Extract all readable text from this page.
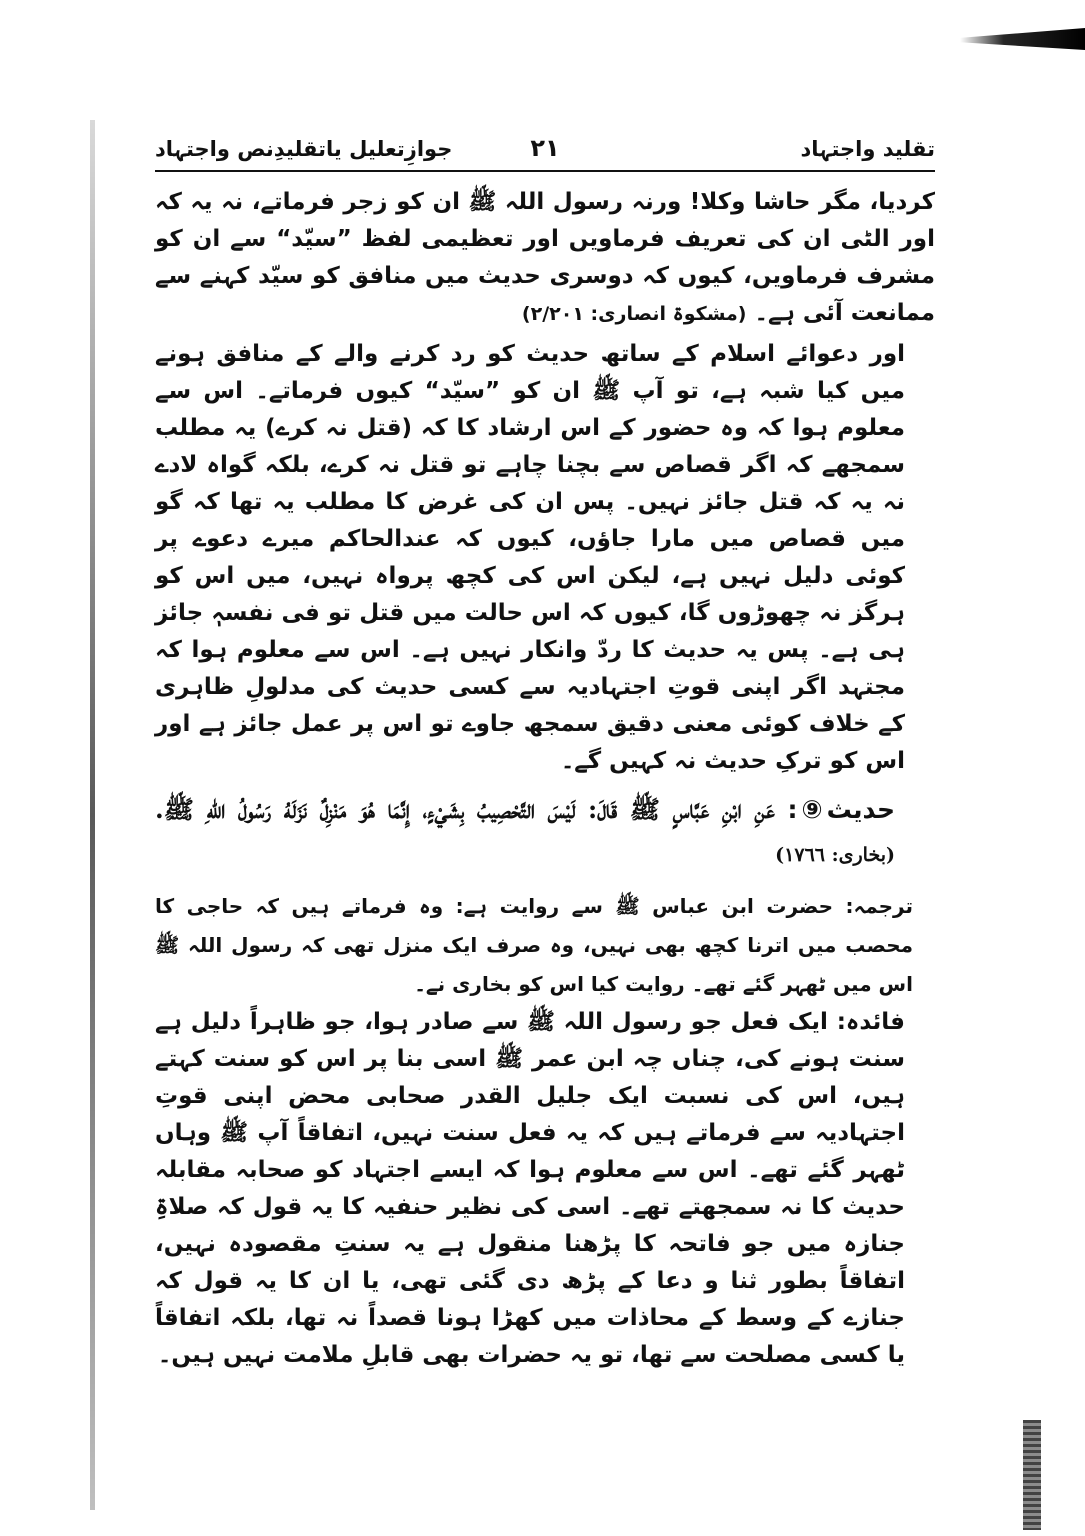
تقلید واجتہاد
۲۱
جوازِتعلیل یاتقلیدِنص واجتہاد

کردیا، مگر حاشا وکلا! ورنہ رسول اللہ ﷺ ان کو زجر فرماتے، نہ یہ کہ اور الٹی ان کی تعریف فرماویں اور تعظیمی لفظ ”سیّد“ سے ان کو مشرف فرماویں، کیوں کہ دوسری حدیث میں منافق کو سیّد کہنے سے ممانعت آئی ہے۔ (مشکوۃ انصاری: ۲/۲۰۱)

اور دعوائے اسلام کے ساتھ حدیث کو رد کرنے والے کے منافق ہونے میں کیا شبہ ہے، تو آپ ﷺ ان کو ”سیّد“ کیوں فرماتے۔ اس سے معلوم ہوا کہ وہ حضور کے اس ارشاد کا کہ (قتل نہ کرے) یہ مطلب سمجھے کہ اگر قصاص سے بچنا چاہے تو قتل نہ کرے، بلکہ گواہ لادے نہ یہ کہ قتل جائز نہیں۔ پس ان کی غرض کا مطلب یہ تھا کہ گو میں قصاص میں مارا جاؤں، کیوں کہ عندالحاکم میرے دعوے پر کوئی دلیل نہیں ہے، لیکن اس کی کچھ پرواہ نہیں، میں اس کو ہرگز نہ چھوڑوں گا، کیوں کہ اس حالت میں قتل تو فی نفسہٖ جائز ہی ہے۔ پس یہ حدیث کا ردّ وانکار نہیں ہے۔ اس سے معلوم ہوا کہ مجتہد اگر اپنی قوتِ اجتہادیہ سے کسی حدیث کی مدلولِ ظاہری کے خلاف کوئی معنی دقیق سمجھ جاوے تو اس پر عمل جائز ہے اور اس کو ترکِ حدیث نہ کہیں گے۔

حدیث⑨: عَنِ ابْنِ عَبَّاسٍ ﷺ قَالَ: لَيْسَ التَّحْصِيبُ بِشَيْءٍ، إِنَّمَا هُوَ مَنْزِلٌ نَزَلَهُ رَسُولُ اللّٰهِ ﷺ. (بخاری: ١٧٦٦)
ترجمہ: حضرت ابن عباس ﷺ سے روایت ہے: وہ فرماتے ہیں کہ حاجی کا محصب میں اترنا کچھ بھی نہیں، وہ صرف ایک منزل تھی کہ رسول اللہ ﷺ اس میں ٹھہر گئے تھے۔ روایت کیا اس کو بخاری نے۔

فائدہ: ایک فعل جو رسول اللہ ﷺ سے صادر ہوا، جو ظاہراً دلیل ہے سنت ہونے کی، چناں چہ ابن عمر ﷺ اسی بنا پر اس کو سنت کہتے ہیں، اس کی نسبت ایک جلیل القدر صحابی محض اپنی قوتِ اجتہادیہ سے فرماتے ہیں کہ یہ فعل سنت نہیں، اتفاقاً آپ ﷺ وہاں ٹھہر گئے تھے۔ اس سے معلوم ہوا کہ ایسے اجتہاد کو صحابہ مقابلہ حدیث کا نہ سمجھتے تھے۔ اسی کی نظیر حنفیہ کا یہ قول کہ صلاۃِ جنازہ میں جو فاتحہ کا پڑھنا منقول ہے یہ سنتِ مقصودہ نہیں، اتفاقاً بطور ثنا و دعا کے پڑھ دی گئی تھی، یا ان کا یہ قول کہ جنازے کے وسط کے محاذات میں کھڑا ہونا قصداً نہ تھا، بلکہ اتفاقاً یا کسی مصلحت سے تھا، تو یہ حضرات بھی قابلِ ملامت نہیں ہیں۔
